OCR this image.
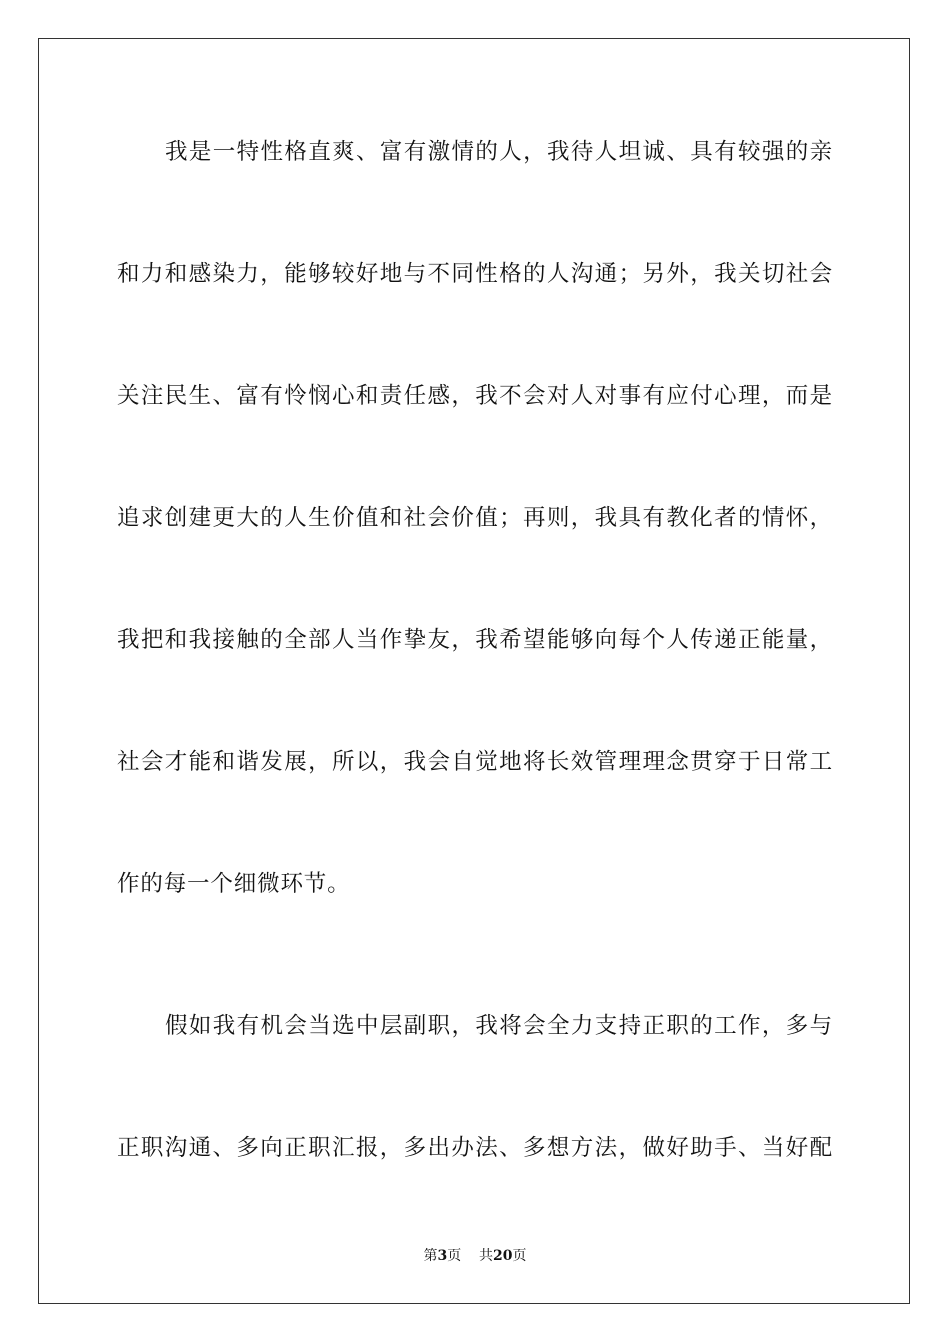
我是一特性格直爽、富有激情的人，我待人坦诚、具有较强的亲
和力和感染力，能够较好地与不同性格的人沟通；另外，我关切社会
关注民生、富有怜悯心和责任感，我不会对人对事有应付心理，而是
追求创建更大的人生价值和社会价值；再则，我具有教化者的情怀，
我把和我接触的全部人当作挚友，我希望能够向每个人传递正能量，
社会才能和谐发展，所以，我会自觉地将长效管理理念贯穿于日常工
作的每一个细微环节。
假如我有机会当选中层副职，我将会全力支持正职的工作，多与
正职沟通、多向正职汇报，多出办法、多想方法，做好助手、当好配
第3页 共20页
